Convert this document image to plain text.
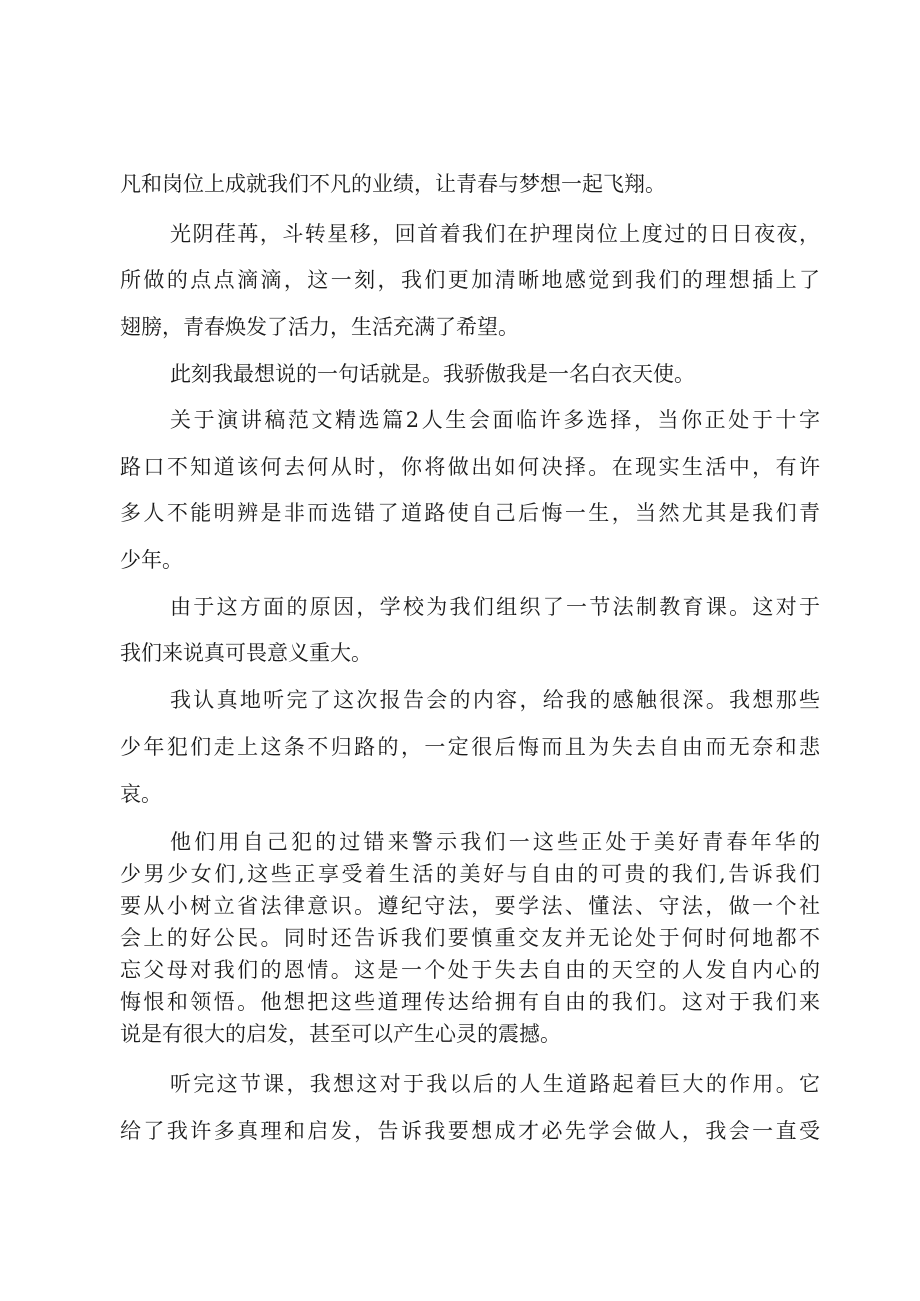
凡和岗位上成就我们不凡的业绩，让青春与梦想一起飞翔。
光阴荏苒，斗转星移，回首着我们在护理岗位上度过的日日夜夜，
所做的点点滴滴，这一刻，我们更加清晰地感觉到我们的理想插上了
翅膀，青春焕发了活力，生活充满了希望。
此刻我最想说的一句话就是。我骄傲我是一名白衣天使。
关于演讲稿范文精选篇2人生会面临许多选择，当你正处于十字
路口不知道该何去何从时，你将做出如何决择。在现实生活中，有许
多人不能明辨是非而选错了道路使自己后悔一生，当然尤其是我们青
少年。
由于这方面的原因，学校为我们组织了一节法制教育课。这对于
我们来说真可畏意义重大。
我认真地听完了这次报告会的内容，给我的感触很深。我想那些
少年犯们走上这条不归路的，一定很后悔而且为失去自由而无奈和悲
哀。
他们用自己犯的过错来警示我们一这些正处于美好青春年华的
少男少女们,这些正享受着生活的美好与自由的可贵的我们,告诉我们
要从小树立省法律意识。遵纪守法，要学法、懂法、守法，做一个社
会上的好公民。同时还告诉我们要慎重交友并无论处于何时何地都不
忘父母对我们的恩情。这是一个处于失去自由的天空的人发自内心的
悔恨和领悟。他想把这些道理传达给拥有自由的我们。这对于我们来
说是有很大的启发，甚至可以产生心灵的震撼。
听完这节课，我想这对于我以后的人生道路起着巨大的作用。它
给了我许多真理和启发，告诉我要想成才必先学会做人，我会一直受
